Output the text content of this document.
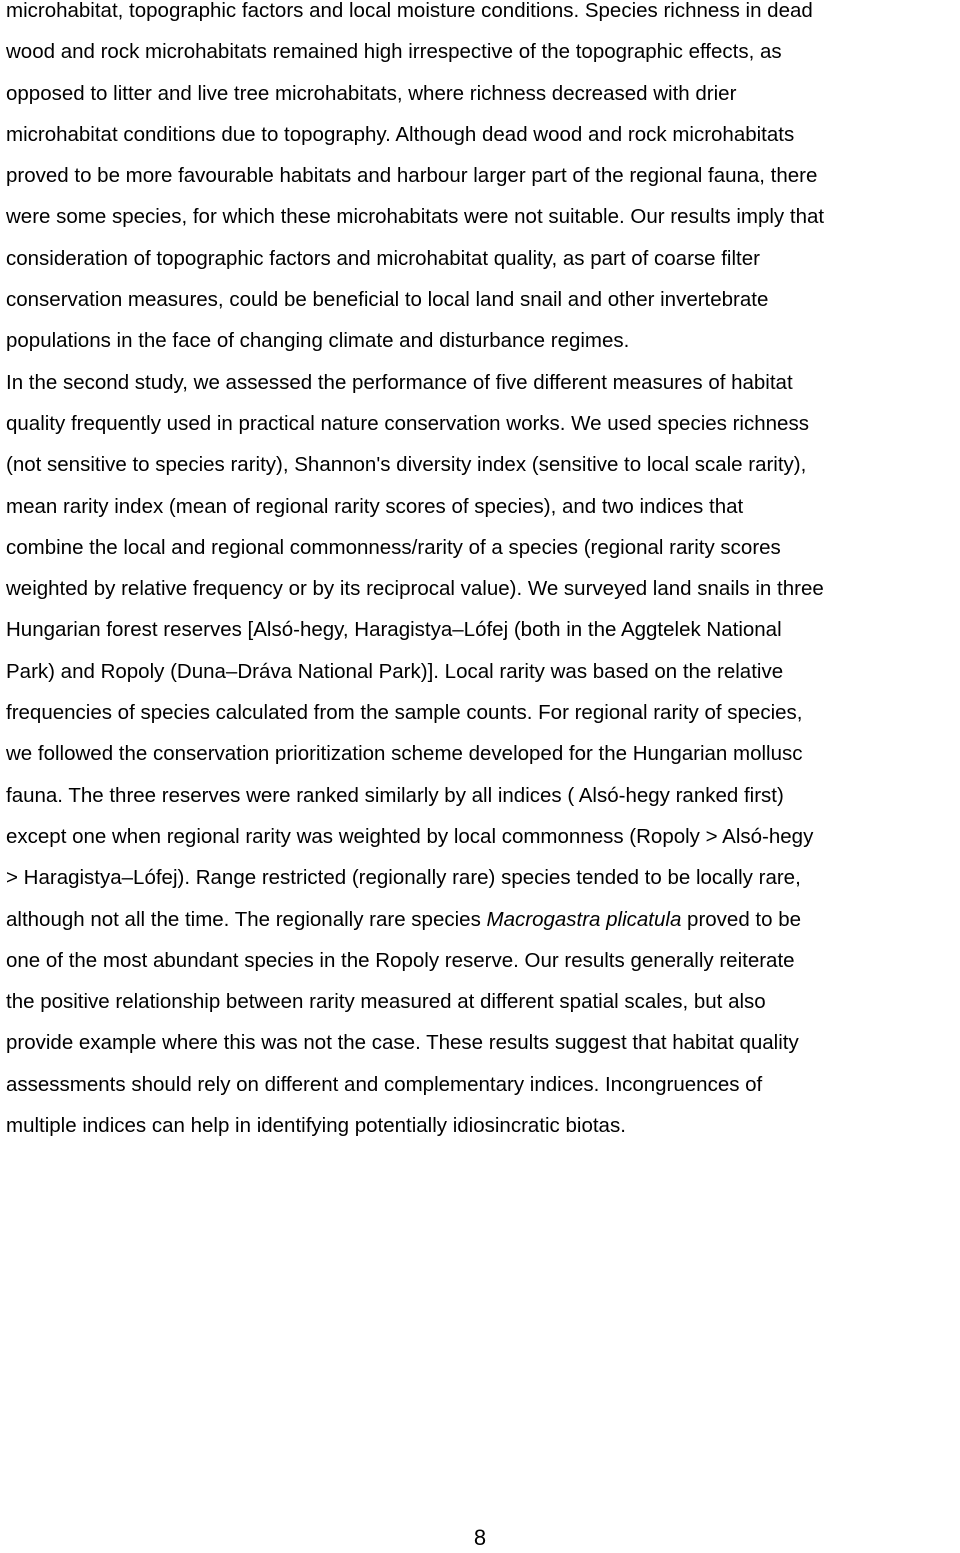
microhabitat, topographic factors and local moisture conditions. Species richness in dead
wood and rock microhabitats remained high irrespective of the topographic effects, as
opposed to litter and live tree microhabitats, where richness decreased with drier
microhabitat conditions due to topography. Although dead wood and rock microhabitats
proved to be more favourable habitats and harbour larger part of the regional fauna, there
were some species, for which these microhabitats were not suitable. Our results imply that
consideration of topographic factors and microhabitat quality, as part of coarse filter
conservation measures, could be beneficial to local land snail and other invertebrate
populations in the face of changing climate and disturbance regimes.

In the second study, we assessed the performance of five different measures of habitat
quality frequently used in practical nature conservation works. We used species richness
(not sensitive to species rarity), Shannon's diversity index (sensitive to local scale rarity),
mean rarity index (mean of regional rarity scores of species), and two indices that
combine the local and regional commonness/rarity of a species (regional rarity scores
weighted by relative frequency or by its reciprocal value). We surveyed land snails in three
Hungarian forest reserves [Alsó-hegy, Haragistya–Lófej (both in the Aggtelek National
Park) and Ropoly (Duna–Dráva National Park)]. Local rarity was based on the relative
frequencies of species calculated from the sample counts. For regional rarity of species,
we followed the conservation prioritization scheme developed for the Hungarian mollusc
fauna. The three reserves were ranked similarly by all indices ( Alsó-hegy ranked first)
except one when regional rarity was weighted by local commonness (Ropoly > Alsó-hegy
> Haragistya–Lófej). Range restricted (regionally rare) species tended to be locally rare,
although not all the time. The regionally rare species Macrogastra plicatula proved to be
one of the most abundant species in the Ropoly reserve. Our results generally reiterate
the positive relationship between rarity measured at different spatial scales, but also
provide example where this was not the case. These results suggest that habitat quality
assessments should rely on different and complementary indices. Incongruences of
multiple indices can help in identifying potentially idiosincratic biotas.

8
